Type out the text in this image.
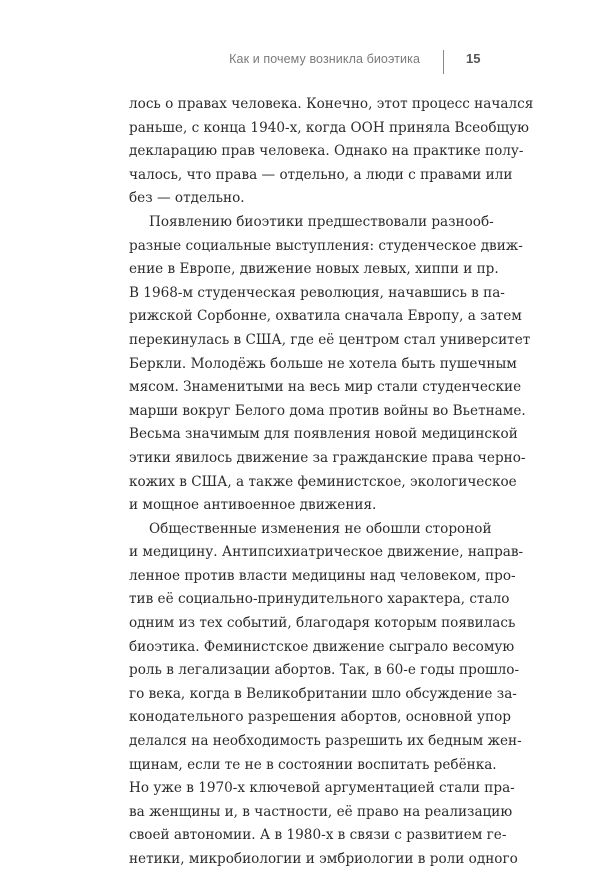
Как и почему возникла биоэтика	15
лось о правах человека. Конечно, этот процесс начался
раньше, с конца 1940-х, когда ООН приняла Всеобщую
декларацию прав человека. Однако на практике полу-
чалось, что права — отдельно, а люди с правами или
без — отдельно.
Появлению биоэтики предшествовали разнооб-
разные социальные выступления: студенческое движ-
ение в Европе, движение новых левых, хиппи и пр.
В 1968-м студенческая революция, начавшись в па-
рижской Сорбонне, охватила сначала Европу, а затем
перекинулась в США, где её центром стал университет
Беркли. Молодёжь больше не хотела быть пушечным
мясом. Знаменитыми на весь мир стали студенческие
марши вокруг Белого дома против войны во Вьетнаме.
Весьма значимым для появления новой медицинской
этики явилось движение за гражданские права черно-
кожих в США, а также феминистское, экологическое
и мощное антивоенное движения.
Общественные изменения не обошли стороной
и медицину. Антипсихиатрическое движение, направ-
ленное против власти медицины над человеком, про-
тив её социально-принудительного характера, стало
одним из тех событий, благодаря которым появилась
биоэтика. Феминистское движение сыграло весомую
роль в легализации абортов. Так, в 60-е годы прошло-
го века, когда в Великобритании шло обсуждение за-
конодательного разрешения абортов, основной упор
делался на необходимость разрешить их бедным жен-
щинам, если те не в состоянии воспитать ребёнка.
Но уже в 1970-х ключевой аргументацией стали пра-
ва женщины и, в частности, её право на реализацию
своей автономии. А в 1980-х в связи с развитием ге-
нетики, микробиологии и эмбриологии в роли одного
